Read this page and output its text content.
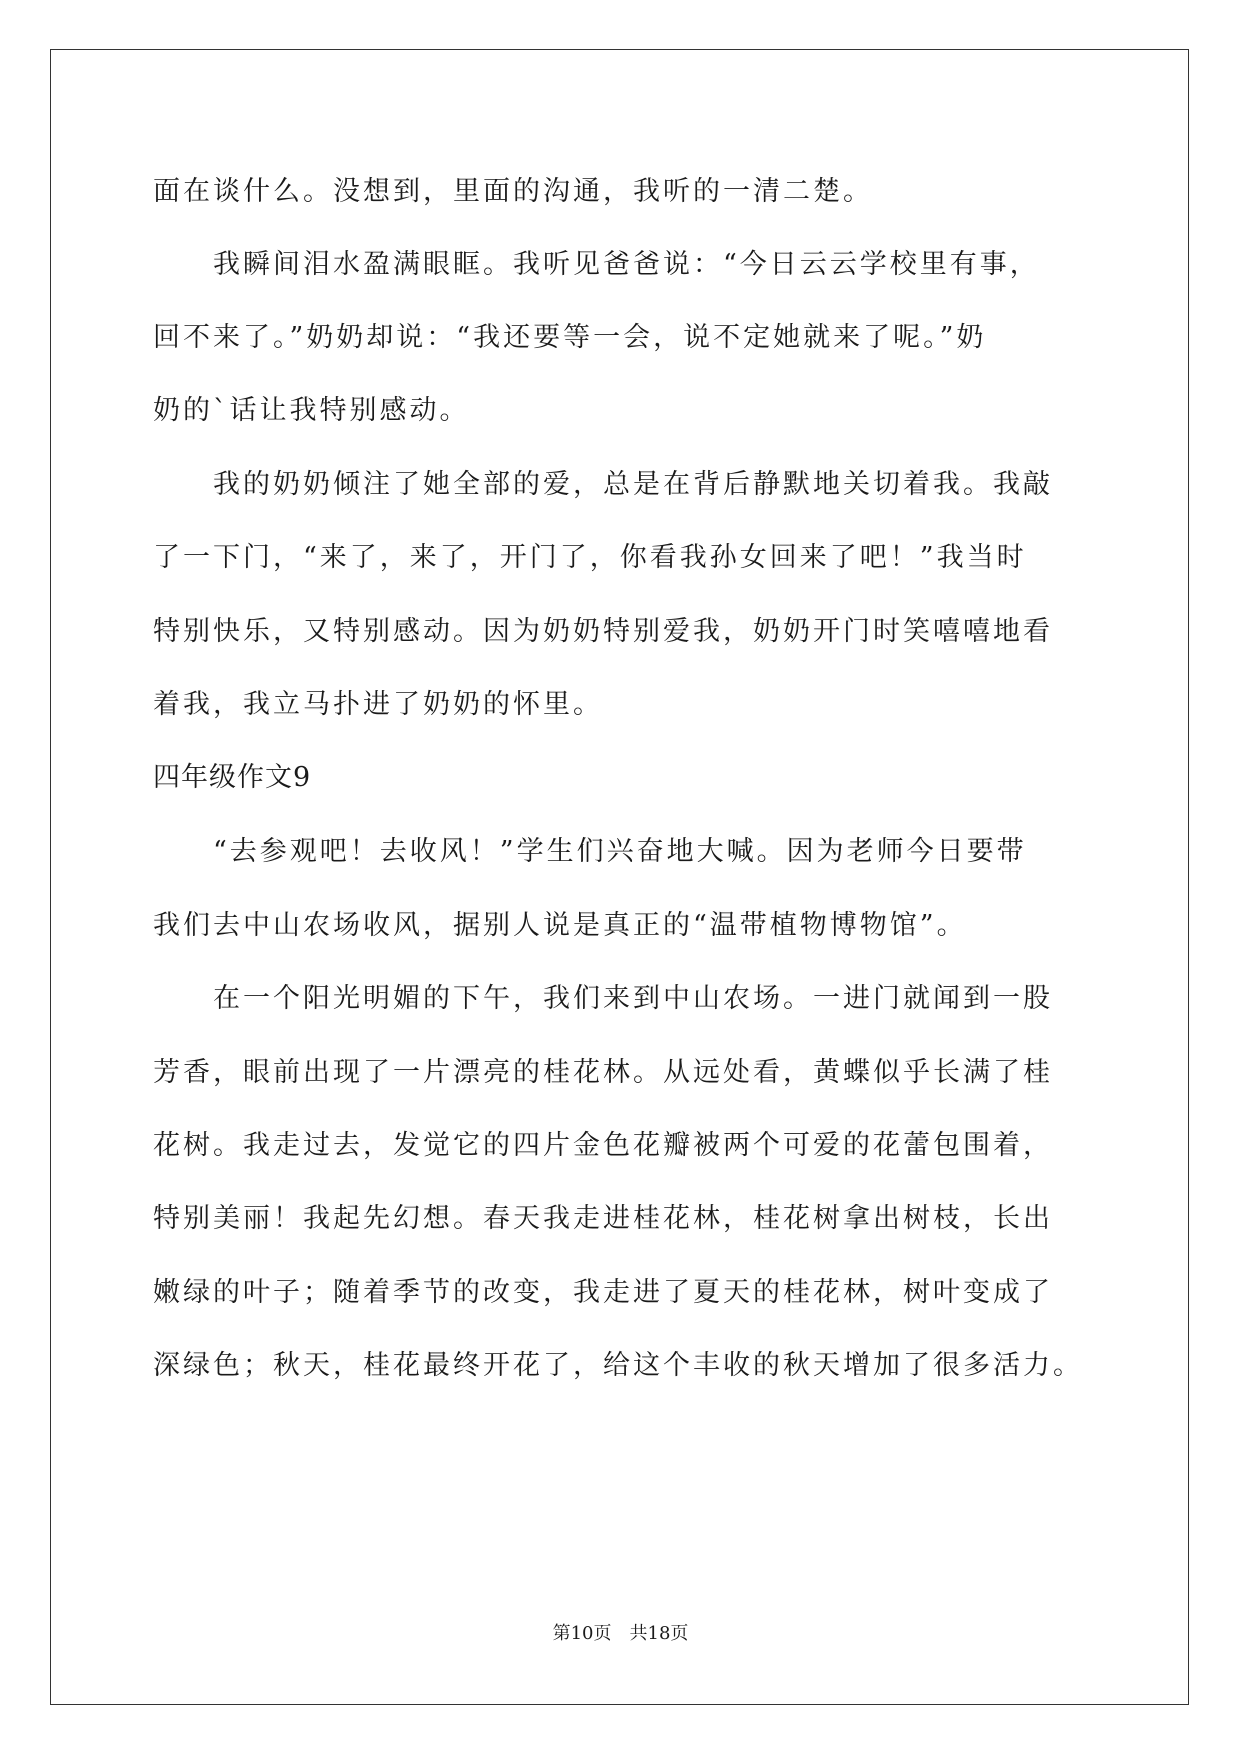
面在谈什么。没想到，里面的沟通，我听的一清二楚。
我瞬间泪水盈满眼眶。我听见爸爸说：“今日云云学校里有事，
回不来了。”奶奶却说：“我还要等一会，说不定她就来了呢。”奶
奶的`话让我特别感动。
我的奶奶倾注了她全部的爱，总是在背后静默地关切着我。我敲
了一下门，“来了，来了，开门了，你看我孙女回来了吧！”我当时
特别快乐，又特别感动。因为奶奶特别爱我，奶奶开门时笑嘻嘻地看
着我，我立马扑进了奶奶的怀里。
四年级作文9
“去参观吧！去收风！”学生们兴奋地大喊。因为老师今日要带
我们去中山农场收风，据别人说是真正的“温带植物博物馆”。
在一个阳光明媚的下午，我们来到中山农场。一进门就闻到一股
芳香，眼前出现了一片漂亮的桂花林。从远处看，黄蝶似乎长满了桂
花树。我走过去，发觉它的四片金色花瓣被两个可爱的花蕾包围着，
特别美丽！我起先幻想。春天我走进桂花林，桂花树拿出树枝，长出
嫩绿的叶子；随着季节的改变，我走进了夏天的桂花林，树叶变成了
深绿色；秋天，桂花最终开花了，给这个丰收的秋天增加了很多活力。
第10页　共18页
